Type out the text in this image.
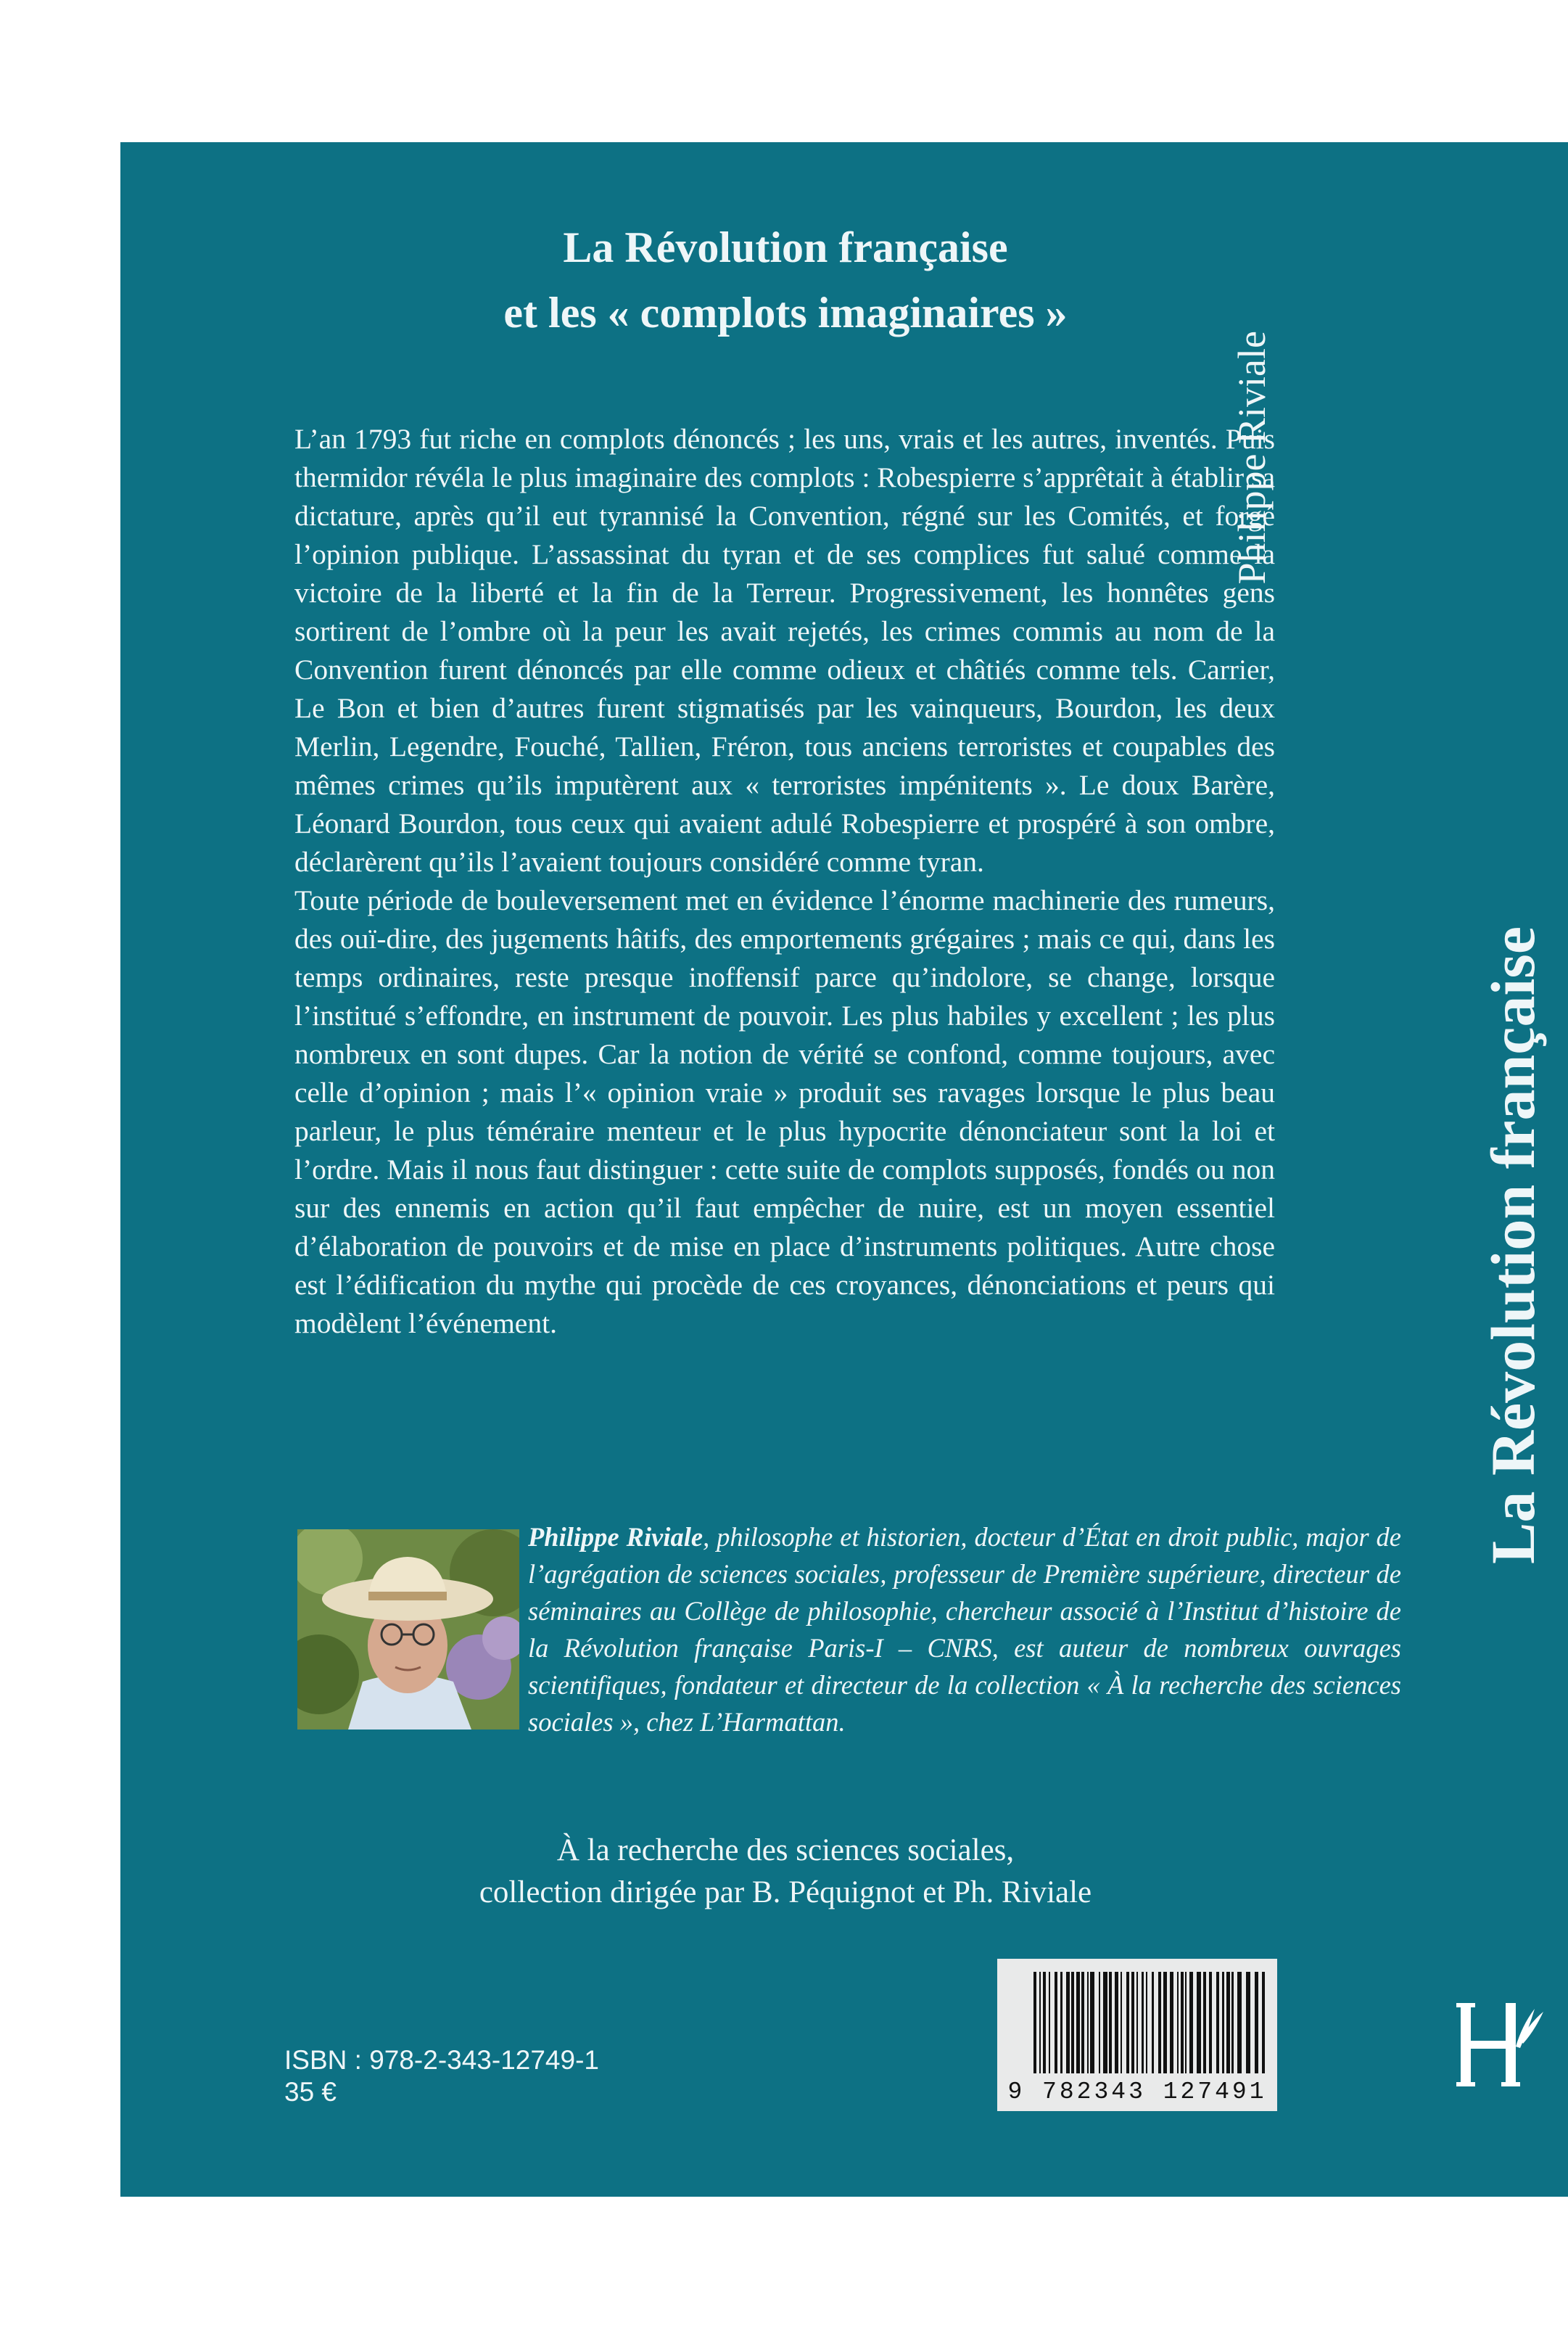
La Révolution française
et les « complots imaginaires »

L’an 1793 fut riche en complots dénoncés ; les uns, vrais et les autres, inventés. Puis thermidor révéla le plus imaginaire des complots : Robespierre s’apprêtait à établir sa dictature, après qu’il eut tyrannisé la Convention, régné sur les Comités, et forgé l’opinion publique. L’assassinat du tyran et de ses complices fut salué comme la victoire de la liberté et la fin de la Terreur. Progressivement, les honnêtes gens sortirent de l’ombre où la peur les avait rejetés, les crimes commis au nom de la Convention furent dénoncés par elle comme odieux et châtiés comme tels. Carrier, Le Bon et bien d’autres furent stigmatisés par les vainqueurs, Bourdon, les deux Merlin, Legendre, Fouché, Tallien, Fréron, tous anciens terroristes et coupables des mêmes crimes qu’ils imputèrent aux « terroristes impénitents ». Le doux Barère, Léonard Bourdon, tous ceux qui avaient adulé Robespierre et prospéré à son ombre, déclarèrent qu’ils l’avaient toujours considéré comme tyran.

Toute période de bouleversement met en évidence l’énorme machinerie des rumeurs, des ouï-dire, des jugements hâtifs, des emportements grégaires ; mais ce qui, dans les temps ordinaires, reste presque inoffensif parce qu’indolore, se change, lorsque l’institué s’effondre, en instrument de pouvoir. Les plus habiles y excellent ; les plus nombreux en sont dupes. Car la notion de vérité se confond, comme toujours, avec celle d’opinion ; mais l’« opinion vraie » produit ses ravages lorsque le plus beau parleur, le plus téméraire menteur et le plus hypocrite dénonciateur sont la loi et l’ordre. Mais il nous faut distinguer : cette suite de complots supposés, fondés ou non sur des ennemis en action qu’il faut empêcher de nuire, est un moyen essentiel d’élaboration de pouvoirs et de mise en place d’instruments politiques. Autre chose est l’édification du mythe qui procède de ces croyances, dénonciations et peurs qui modèlent l’événement.

Philippe Riviale, philosophe et historien, docteur d’État en droit public, major de l’agrégation de sciences sociales, professeur de Première supérieure, directeur de séminaires au Collège de philosophie, chercheur associé à l’Institut d’histoire de la Révolution française Paris-I – CNRS, est auteur de nombreux ouvrages scientifiques, fondateur et directeur de la collection « À la recherche des sciences sociales », chez L’Harmattan.

À la recherche des sciences sociales,
collection dirigée par B. Péquignot et Ph. Riviale
ISBN : 978-2-343-12749-1
35 €	9 782343 127491
Philippe Riviale
La Révolution française
